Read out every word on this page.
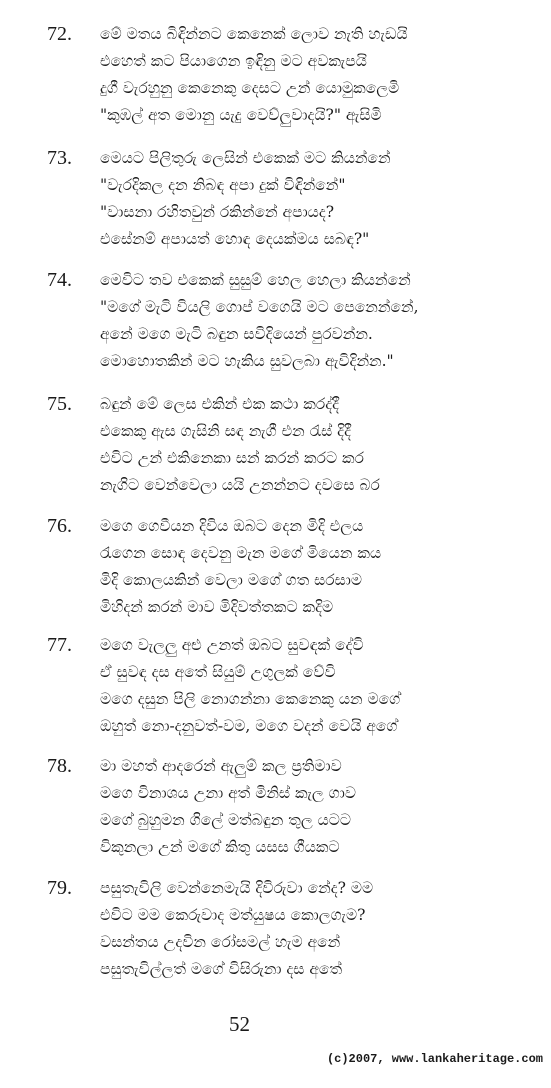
72. මේ මතය බිඳින්නට කෙනෙක් ලොව නැති හැඩයි
එහෙත් කට පියාගෙන ඉඳිනු මට අවකැපයි
දුගී වැරහුනු කෙනෙකු දෙසට උන් යොමුකලෙමි
"කුඹල් අත මොනු යැදු වෙව්ලුවාදයි?" ඇසිමි
73. මෙයට පිලිතුරු ලෙසින් එකෙක් මට කියන්නේ
"වැරදිකල දන නිබඳ අපා දුක් විඳින්නේ"
"වාසනා රහිතවුන් රකින්නේ අපායද?
එසේනම් අපායත් හොඳ දෙයක්මය සබඳ?"
74. මෙවිට තව එකෙක් සුසුම් හෙල හෙලා කියන්නේ
"මගේ මැටි වියලි ගොප් වගෙයි මට පෙනෙන්නේ,
අනේ මගෙ මැටි බඳුන සවිදියෙන් පුරවන්න.
මොහොතකින් මට හැකිය සුවලබා ඇවිදින්න."
75. බඳුන් මේ ලෙස එකින් එක කථා කරද්දී
එකෙකු ඇස ගැසිනි සඳ නැගී එන රැස් දිදී
එවිට උන් එකිනෙකා සන් කරන් කරට කර
නැගිට වෙන්වෙලා යයි උනන්නට දවසෙ බර
76. මගෙ ගෙවීයන දිවිය ඔබට දෙන මිදි එලය
රැගෙන සොඳ දෙවනු මැන මගේ මියෙන කය
මිදි කොලයකින් වෙලා මගේ ගත සරසාම
මිහිදන් කරන් මාව මිදිවත්තකට කදිම
77. මගෙ වැලලු අළු උනත් ඔබට සුවඳක් දේවි
ඒ සුවඳ දස අතේ සියුම් උගුලක් වේවි
මගෙ දසුන පිලි නොගන්නා කෙනෙකු යන මගේ
ඔහුත් නො-දනුවත්-වම, මගෙ වදන් වෙයි අගේ
78. මා මහත් ආදරෙන් ඇලුම් කල ප්‍රතිමාව
මගෙ විනාශය උනා අත් මිනිස් කැල ගාව
මගේ බුහුමන ගිලේ මත්බඳුන තුල යටට
විකුනලා උන් මගේ කිතු යසස ගීයකට
79. පසුතැවිලි වෙන්නෙමැයි දිවිරුවා නේද? මම
එවිට මම කෙරුවාද මත්යුෂය කොලගැම?
වසන්තය උදවින රෝසමල් හැම අනේ
පසුතැවිල්ලත් මගේ විසිරුනා දස අතේ
52
(c)2007, www.lankaheritage.com
